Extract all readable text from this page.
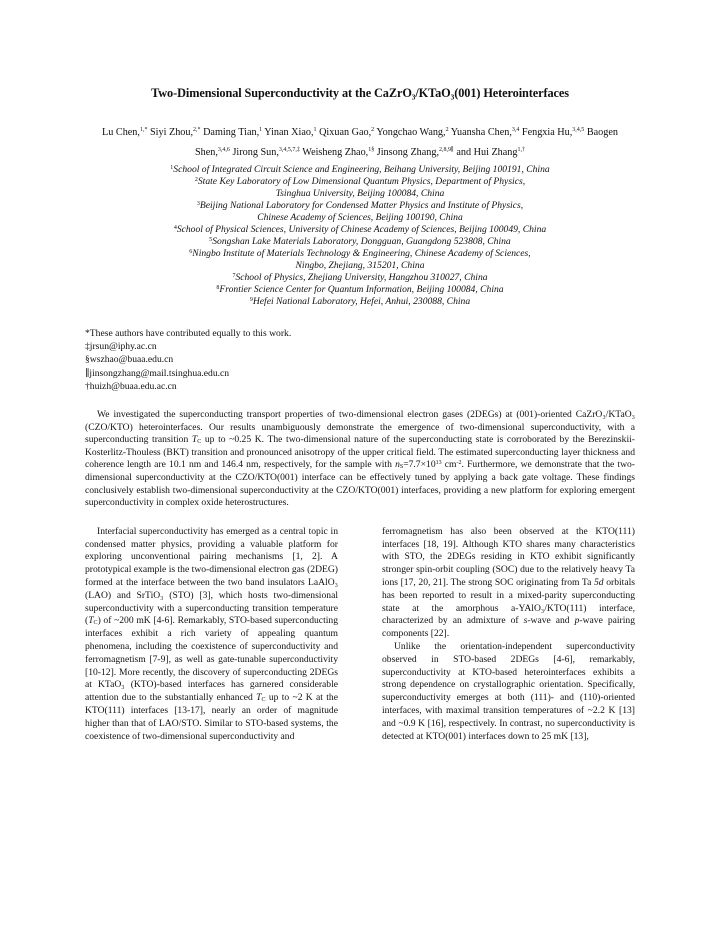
Two-Dimensional Superconductivity at the CaZrO₃/KTaO₃(001) Heterointerfaces
Lu Chen,$^{1,*}$ Siyi Zhou,$^{2,*}$ Daming Tian,$^1$ Yinan Xiao,$^1$ Qixuan Gao,$^2$ Yongchao Wang,$^2$ Yuansha Chen,$^{3,4}$ Fengxia Hu,$^{3,4,5}$ Baogen Shen,$^{3,4,6}$ Jirong Sun,$^{3,4,5,7,\ddagger}$ Weisheng Zhao,$^{1\S}$ Jinsong Zhang,$^{2,8,9\parallel}$ and Hui Zhang$^{1,\dagger}$
$^1$School of Integrated Circuit Science and Engineering, Beihang University, Beijing 100191, China
$^2$State Key Laboratory of Low Dimensional Quantum Physics, Department of Physics,
Tsinghua University, Beijing 100084, China
$^3$Beijing National Laboratory for Condensed Matter Physics and Institute of Physics,
Chinese Academy of Sciences, Beijing 100190, China
$^4$School of Physical Sciences, University of Chinese Academy of Sciences, Beijing 100049, China
$^5$Songshan Lake Materials Laboratory, Dongguan, Guangdong 523808, China
$^6$Ningbo Institute of Materials Technology & Engineering, Chinese Academy of Sciences,
Ningbo, Zhejiang, 315201, China
$^7$School of Physics, Zhejiang University, Hangzhou 310027, China
$^8$Frontier Science Center for Quantum Information, Beijing 100084, China
$^9$Hefei National Laboratory, Hefei, Anhui, 230088, China
*These authors have contributed equally to this work.
‡jrsun@iphy.ac.cn
§wszhao@buaa.edu.cn
∥jinsongzhang@mail.tsinghua.edu.cn
†huizh@buaa.edu.ac.cn
We investigated the superconducting transport properties of two-dimensional electron gases (2DEGs) at (001)-oriented CaZrO₃/KTaO₃ (CZO/KTO) heterointerfaces. Our results unambiguously demonstrate the emergence of two-dimensional superconductivity, with a superconducting transition $T_C$ up to ~0.25 K. The two-dimensional nature of the superconducting state is corroborated by the Berezinskii-Kosterlitz-Thouless (BKT) transition and pronounced anisotropy of the upper critical field. The estimated superconducting layer thickness and coherence length are 10.1 nm and 146.4 nm, respectively, for the sample with $n_S=7.7\times 10^{13}$ $cm^{-2}$. Furthermore, we demonstrate that the two-dimensional superconductivity at the CZO/KTO(001) interface can be effectively tuned by applying a back gate voltage. These findings conclusively establish two-dimensional superconductivity at the CZO/KTO(001) interfaces, providing a new platform for exploring emergent superconductivity in complex oxide heterostructures.

Interfacial superconductivity has emerged as a central topic in condensed matter physics, providing a valuable platform for exploring unconventional pairing mechanisms [1, 2]. A prototypical example is the two-dimensional electron gas (2DEG) formed at the interface between the two band insulators LaAlO₃ (LAO) and SrTiO₃ (STO) [3], which hosts two-dimensional superconductivity with a superconducting transition temperature $(T_C)$ of ~200 mK [4-6]. Remarkably, STO-based superconducting interfaces exhibit a rich variety of appealing quantum phenomena, including the coexistence of superconductivity and ferromagnetism [7-9], as well as gate-tunable superconductivity [10-12]. More recently, the discovery of superconducting 2DEGs at KTaO₃ (KTO)-based interfaces has garnered considerable attention due to the substantially enhanced $T_C$ up to ~2 K at the KTO(111) interfaces [13-17], nearly an order of magnitude higher than that of LAO/STO. Similar to STO-based systems, the coexistence of two-dimensional superconductivity and

ferromagnetism has also been observed at the KTO(111) interfaces [18, 19]. Although KTO shares many characteristics with STO, the 2DEGs residing in KTO exhibit significantly stronger spin-orbit coupling (SOC) due to the relatively heavy Ta ions [17, 20, 21]. The strong SOC originating from Ta 5d orbitals has been reported to result in a mixed-parity superconducting state at the amorphous a-YAlO₃/KTO(111) interface, characterized by an admixture of s-wave and p-wave pairing components [22].

Unlike the orientation-independent superconductivity observed in STO-based 2DEGs [4-6], remarkably, superconductivity at KTO-based heterointerfaces exhibits a strong dependence on crystallographic orientation. Specifically, superconductivity emerges at both (111)- and (110)-oriented interfaces, with maximal transition temperatures of ~2.2 K [13] and ~0.9 K [16], respectively. In contrast, no superconductivity is detected at KTO(001) interfaces down to 25 mK [13],
